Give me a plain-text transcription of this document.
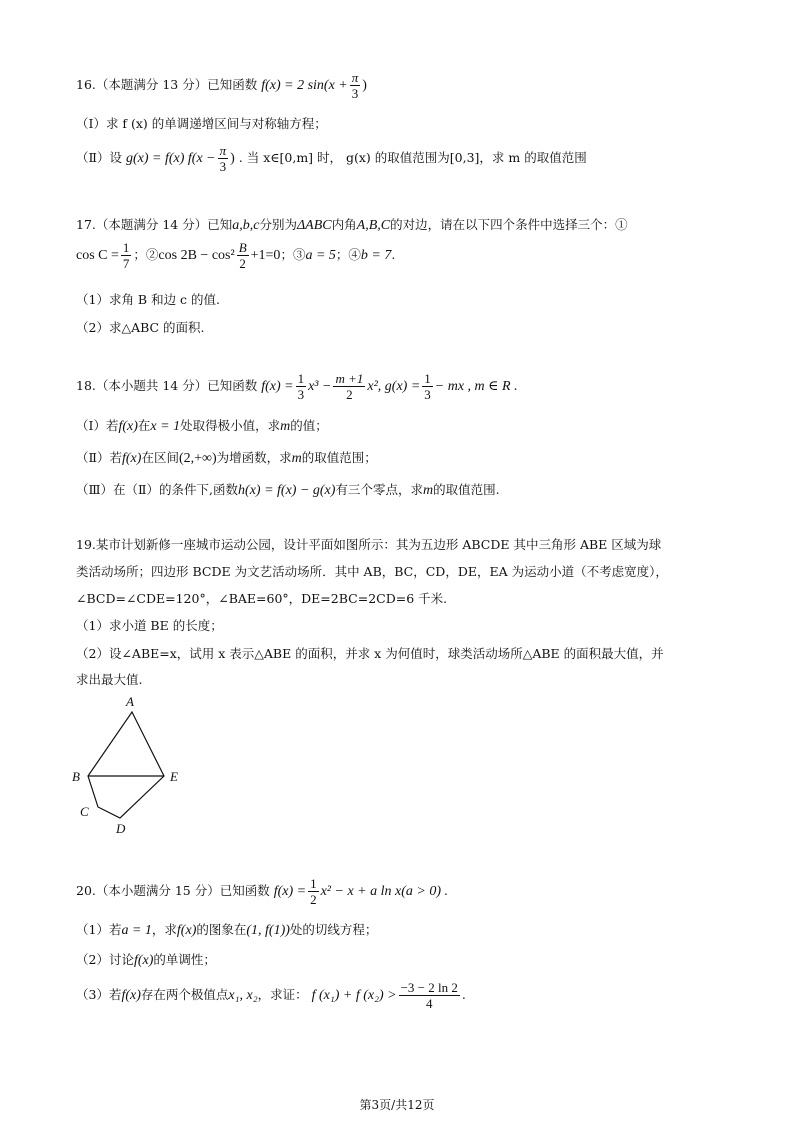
16.（本题满分 13 分）已知函数 f(x) = 2 $\sin(x + \frac{\pi}{3}$ )
（Ⅰ）求 f (x) 的单调递增区间与对称轴方程；
（Ⅱ）设 g(x) = f(x) $f(x - \frac{\pi}{3}$ ) . 当 x∈[0,m] 时， g(x) 的取值范围为[0,3]，求 m 的取值范围
17.（本题满分 14 分）已知a,b,c分别为ΔABC内角A,B,C的对边，请在以下四个条件中选择三个：①
$\cos C = \frac{1}{7}$ ；②cos $2B - \cos^2 \frac{B}{2} +1=0$；③a = 5；④b = 7.
（1）求角 B 和边 c 的值.
（2）求△ABC 的面积.
18.（本小题共 14 分）已知函数 $f(x) = \frac{1}{3} x^3 - \frac{m +1}{2} x^2$, $g(x) = \frac{1}{3}$ − mx , m ∈ R .
（Ⅰ）若f(x)在x = 1处取得极小值，求m的值；
（Ⅱ）若f(x)在区间(2,+∞)为增函数，求m的取值范围；
（Ⅲ）在（Ⅱ）的条件下,函数h(x) = f(x) − g(x)有三个零点，求m的取值范围.
19.某市计划新修一座城市运动公园，设计平面如图所示：其为五边形 ABCDE 其中三角形 ABE 区域为球
类活动场所；四边形 BCDE 为文艺活动场所．其中 AB，BC，CD，DE，EA 为运动小道（不考虑宽度），
∠BCD=∠CDE=120°，∠BAE=60°，DE=2BC=2CD=6 千米.
（1）求小道 BE 的长度；
（2）设∠ABE=x，试用 x 表示△ABE 的面积，并求 x 为何值时，球类活动场所△ABE 的面积最大值，并
求出最大值.
A
B	E
C
D
20.（本小题满分 15 分）已知函数 $f(x) = \frac{1}{2} x^2 - x + a$ ln x(a > 0) .
（1）若a = 1，求f(x)的图象在(1, f(1))处的切线方程；
（2）讨论f(x)的单调性；
（3）若f(x)存在两个极值点x₁, x₂，求证： f (x₁) + f $(x_2) > \frac{-3 - 2 \ln 2}{4}$ .
第3页/共12页
